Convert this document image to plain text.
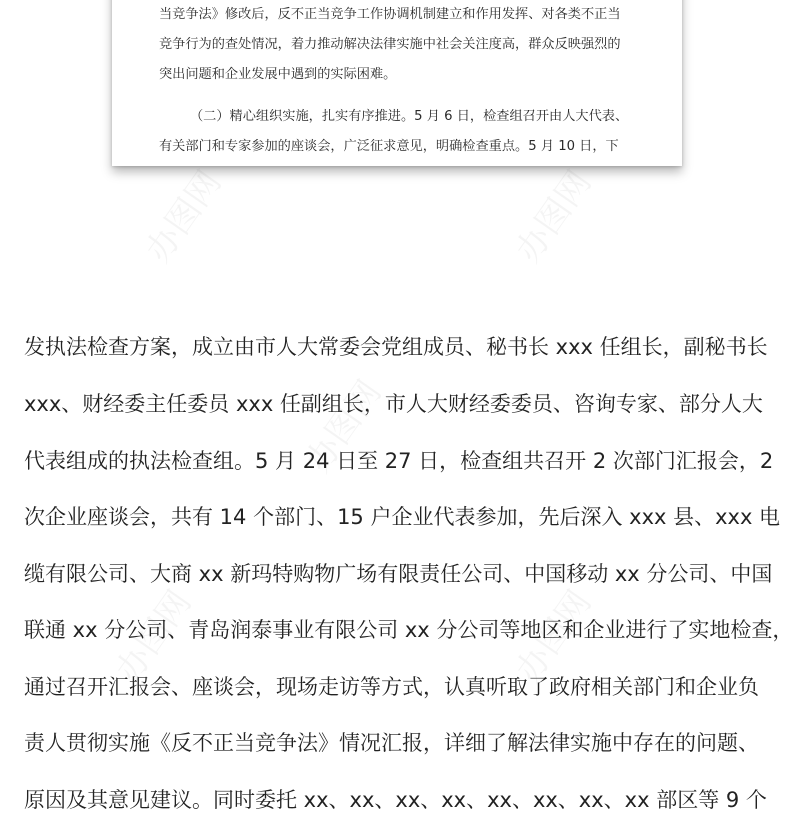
当竞争法》修改后，反不正当竞争工作协调机制建立和作用发挥、对各类不正当
竞争行为的查处情况，着力推动解决法律实施中社会关注度高，群众反映强烈的
突出问题和企业发展中遇到的实际困难。
（二）精心组织实施，扎实有序推进。5 月 6 日，检查组召开由人大代表、
有关部门和专家参加的座谈会，广泛征求意见，明确检查重点。5 月 10 日，下
发执法检查方案，成立由市人大常委会党组成员、秘书长 xxx 任组长，副秘书长
xxx、财经委主任委员 xxx 任副组长，市人大财经委委员、咨询专家、部分人大
代表组成的执法检查组。5 月 24 日至 27 日，检查组共召开 2 次部门汇报会，2
次企业座谈会，共有 14 个部门、15 户企业代表参加，先后深入 xxx 县、xxx 电
缆有限公司、大商 xx 新玛特购物广场有限责任公司、中国移动 xx 分公司、中国
联通 xx 分公司、青岛润泰事业有限公司 xx 分公司等地区和企业进行了实地检查，
通过召开汇报会、座谈会，现场走访等方式，认真听取了政府相关部门和企业负
责人贯彻实施《反不正当竞争法》情况汇报，详细了解法律实施中存在的问题、
原因及其意见建议。同时委托 xx、xx、xx、xx、xx、xx、xx、xx 部区等 9 个
